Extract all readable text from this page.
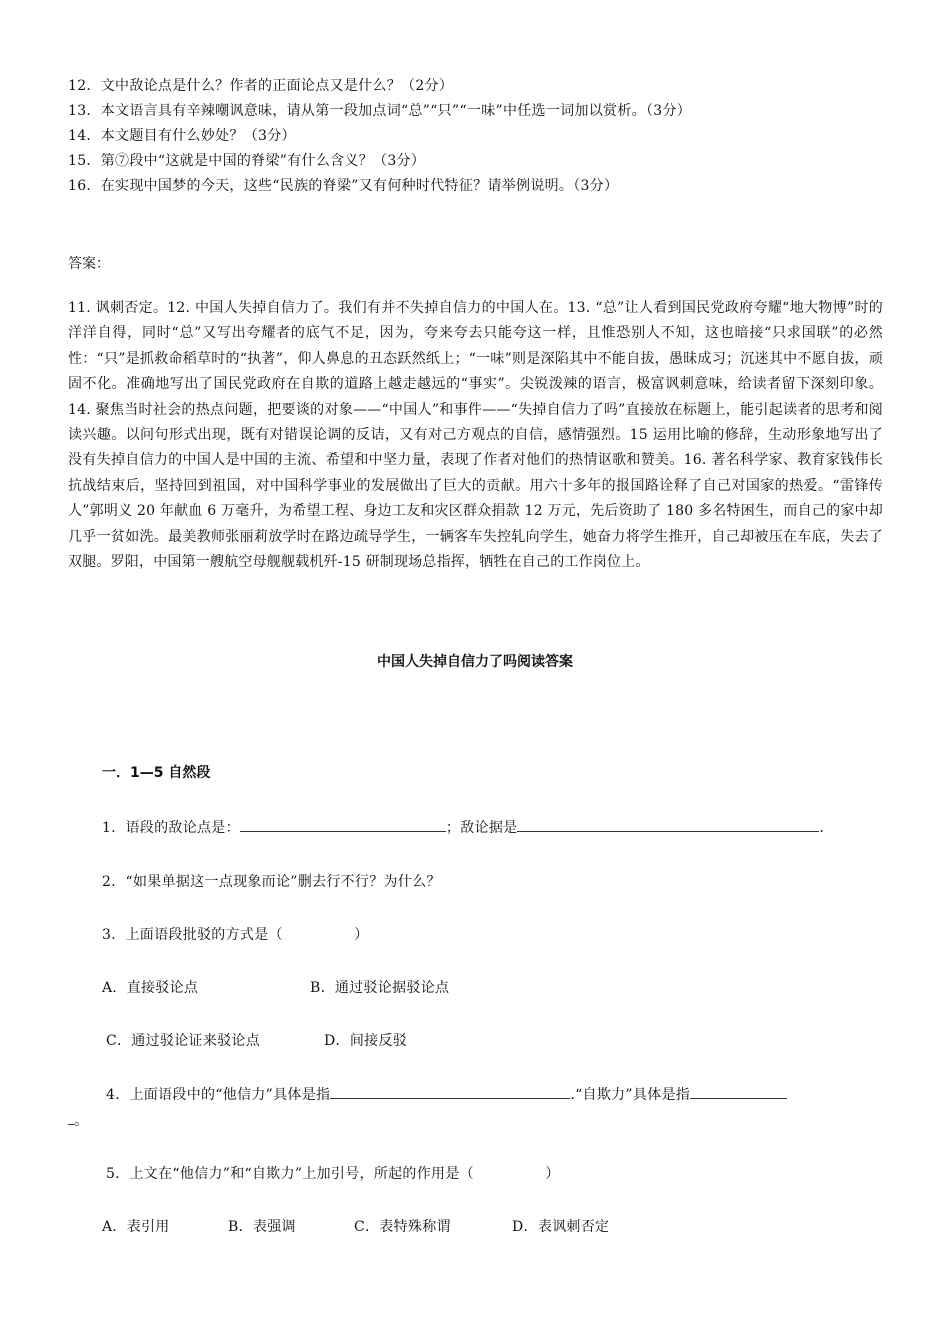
12．文中敌论点是什么？作者的正面论点又是什么？（2分）
13．本文语言具有辛辣嘲讽意味，请从第一段加点词“总”“只”“一味”中任选一词加以赏析。（3分）
14．本文题目有什么妙处？（3分）
15．第⑦段中“这就是中国的脊梁”有什么含义？（3分）
16．在实现中国梦的今天，这些“民族的脊梁”又有何种时代特征？请举例说明。（3分）
答案：

11. 讽刺否定。12. 中国人失掉自信力了。我们有并不失掉自信力的中国人在。13. “总”让人看到国民党政府夸耀“地大物博”时的洋洋自得，同时“总”又写出夸耀者的底气不足，因为，夸来夸去只能夸这一样，且惟恐别人不知，这也暗接“只求国联”的必然性：“只”是抓救命稻草时的“执著”，仰人鼻息的丑态跃然纸上；“一味”则是深陷其中不能自拔，愚昧成习；沉迷其中不愿自拔，顽固不化。准确地写出了国民党政府在自欺的道路上越走越远的“事实”。尖锐泼辣的语言，极富讽刺意味，给读者留下深刻印象。14. 聚焦当时社会的热点问题，把要谈的对象——“中国人”和事件——“失掉自信力了吗”直接放在标题上，能引起读者的思考和阅读兴趣。以问句形式出现，既有对错误论调的反诘，又有对己方观点的自信，感情强烈。15 运用比喻的修辞，生动形象地写出了没有失掉自信力的中国人是中国的主流、希望和中坚力量，表现了作者对他们的热情讴歌和赞美。16. 著名科学家、教育家钱伟长抗战结束后，坚持回到祖国，对中国科学事业的发展做出了巨大的贡献。用六十多年的报国路诠释了自己对国家的热爱。“雷锋传人”郭明义 20 年献血 6 万毫升，为希望工程、身边工友和灾区群众捐款 12 万元，先后资助了 180 多名特困生，而自己的家中却几乎一贫如洗。最美教师张丽莉放学时在路边疏导学生，一辆客车失控轧向学生，她奋力将学生推开，自己却被压在车底，失去了双腿。罗阳，中国第一艘航空母舰舰载机歼-15 研制现场总指挥，牺牲在自己的工作岗位上。

中国人失掉自信力了吗阅读答案
一．1—5 自然段
1．语段的敌论点是：	；敌论据是	.
2．“如果单据这一点现象而论”删去行不行？为什么？
3．上面语段批驳的方式是（　　　　　）
A．直接驳论点	B．通过驳论据驳论点
C．通过驳论证来驳论点	D．间接反驳
4．上面语段中的“他信力”具体是指	.“自欺力”具体是指
。
5．上文在“他信力”和“自欺力”上加引号，所起的作用是（　　　　　）
A．表引用	B．表强调	C．表特殊称谓	D．表讽刺否定
